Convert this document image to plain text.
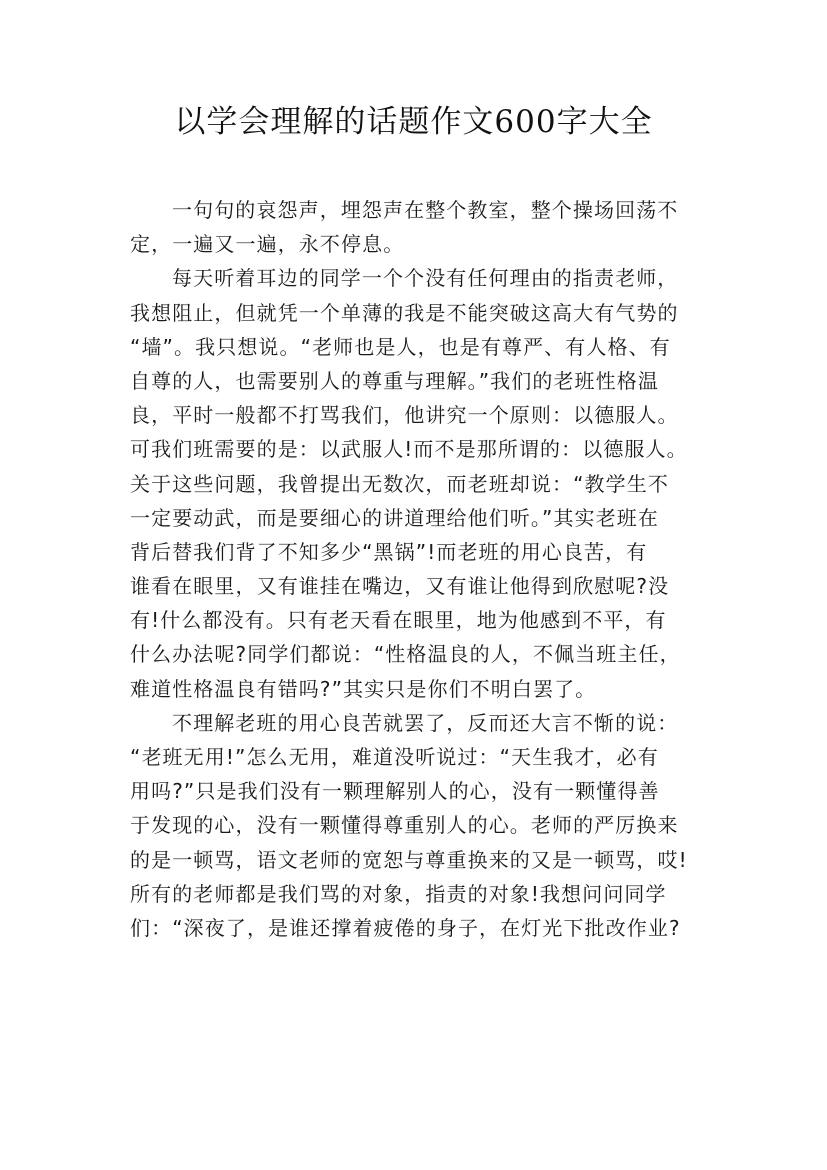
以学会理解的话题作文600字大全
一句句的哀怨声，埋怨声在整个教室，整个操场回荡不
定，一遍又一遍，永不停息。
每天听着耳边的同学一个个没有任何理由的指责老师，
我想阻止，但就凭一个单薄的我是不能突破这高大有气势的
“墙”。我只想说。“老师也是人，也是有尊严、有人格、有
自尊的人，也需要别人的尊重与理解。”我们的老班性格温
良，平时一般都不打骂我们，他讲究一个原则：以德服人。
可我们班需要的是：以武服人!而不是那所谓的：以德服人。
关于这些问题，我曾提出无数次，而老班却说：“教学生不
一定要动武，而是要细心的讲道理给他们听。”其实老班在
背后替我们背了不知多少“黑锅”!而老班的用心良苦，有
谁看在眼里，又有谁挂在嘴边，又有谁让他得到欣慰呢?没
有!什么都没有。只有老天看在眼里，地为他感到不平，有
什么办法呢?同学们都说：“性格温良的人，不佩当班主任，
难道性格温良有错吗?”其实只是你们不明白罢了。
不理解老班的用心良苦就罢了，反而还大言不惭的说：
“老班无用!”怎么无用，难道没听说过：“天生我才，必有
用吗?”只是我们没有一颗理解别人的心，没有一颗懂得善
于发现的心，没有一颗懂得尊重别人的心。老师的严厉换来
的是一顿骂，语文老师的宽恕与尊重换来的又是一顿骂，哎!
所有的老师都是我们骂的对象，指责的对象!我想问问同学
们：“深夜了，是谁还撑着疲倦的身子，在灯光下批改作业?
